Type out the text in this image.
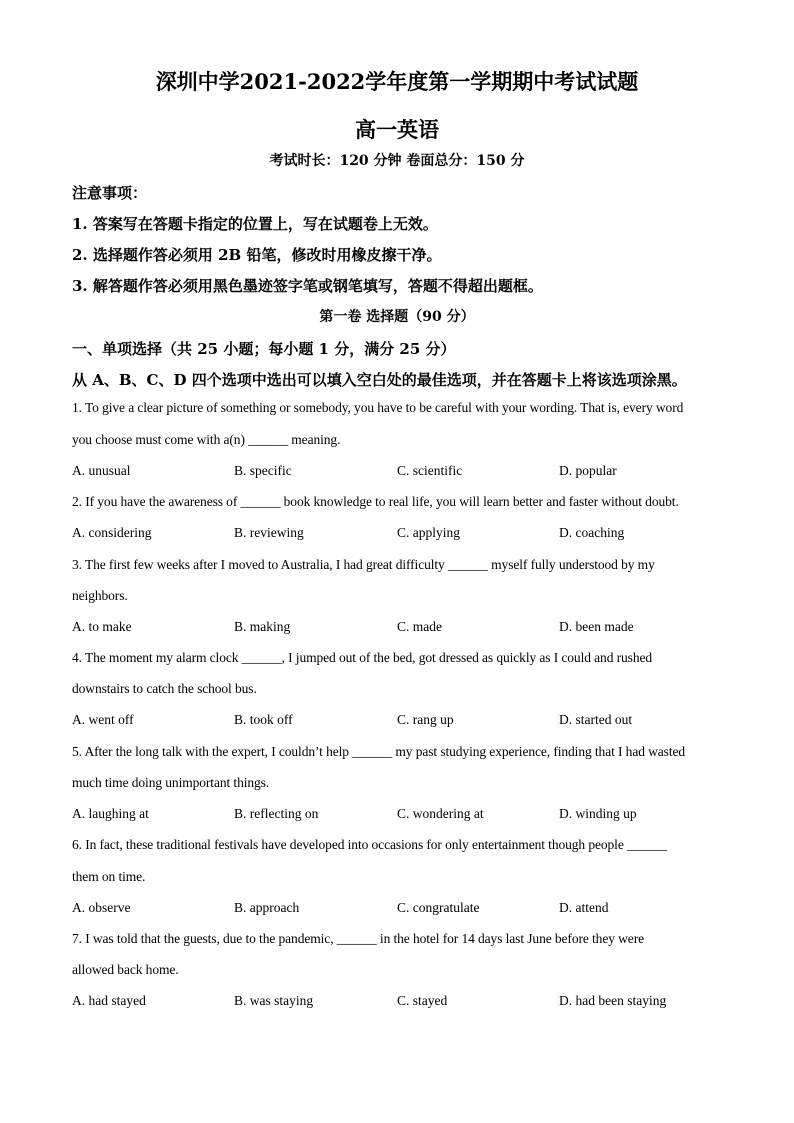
深圳中学2021-2022学年度第一学期期中考试试题
高一英语
考试时长：120 分钟 卷面总分：150 分
注意事项：
1. 答案写在答题卡指定的位置上，写在试题卷上无效。
2. 选择题作答必须用 2B 铅笔，修改时用橡皮擦干净。
3. 解答题作答必须用黑色墨迹签字笔或钢笔填写，答题不得超出题框。
第一卷 选择题（90 分）
一、单项选择（共 25 小题；每小题 1 分，满分 25 分）
从 A、B、C、D 四个选项中选出可以填入空白处的最佳选项，并在答题卡上将该选项涂黑。
1. To give a clear picture of something or somebody, you have to be careful with your wording. That is, every word
you choose must come with a(n) ______ meaning.
A. unusual	B. specific	C. scientific	D. popular
2. If you have the awareness of ______ book knowledge to real life, you will learn better and faster without doubt.
A. considering	B. reviewing	C. applying	D. coaching
3. The first few weeks after I moved to Australia, I had great difficulty ______ myself fully understood by my
neighbors.
A. to make	B. making	C. made	D. been made
4. The moment my alarm clock ______, I jumped out of the bed, got dressed as quickly as I could and rushed
downstairs to catch the school bus.
A. went off	B. took off	C. rang up	D. started out
5. After the long talk with the expert, I couldn’t help ______ my past studying experience, finding that I had wasted
much time doing unimportant things.
A. laughing at	B. reflecting on	C. wondering at	D. winding up
6. In fact, these traditional festivals have developed into occasions for only entertainment though people ______
them on time.
A. observe	B. approach	C. congratulate	D. attend
7. I was told that the guests, due to the pandemic, ______ in the hotel for 14 days last June before they were
allowed back home.
A. had stayed	B. was staying	C. stayed	D. had been staying
